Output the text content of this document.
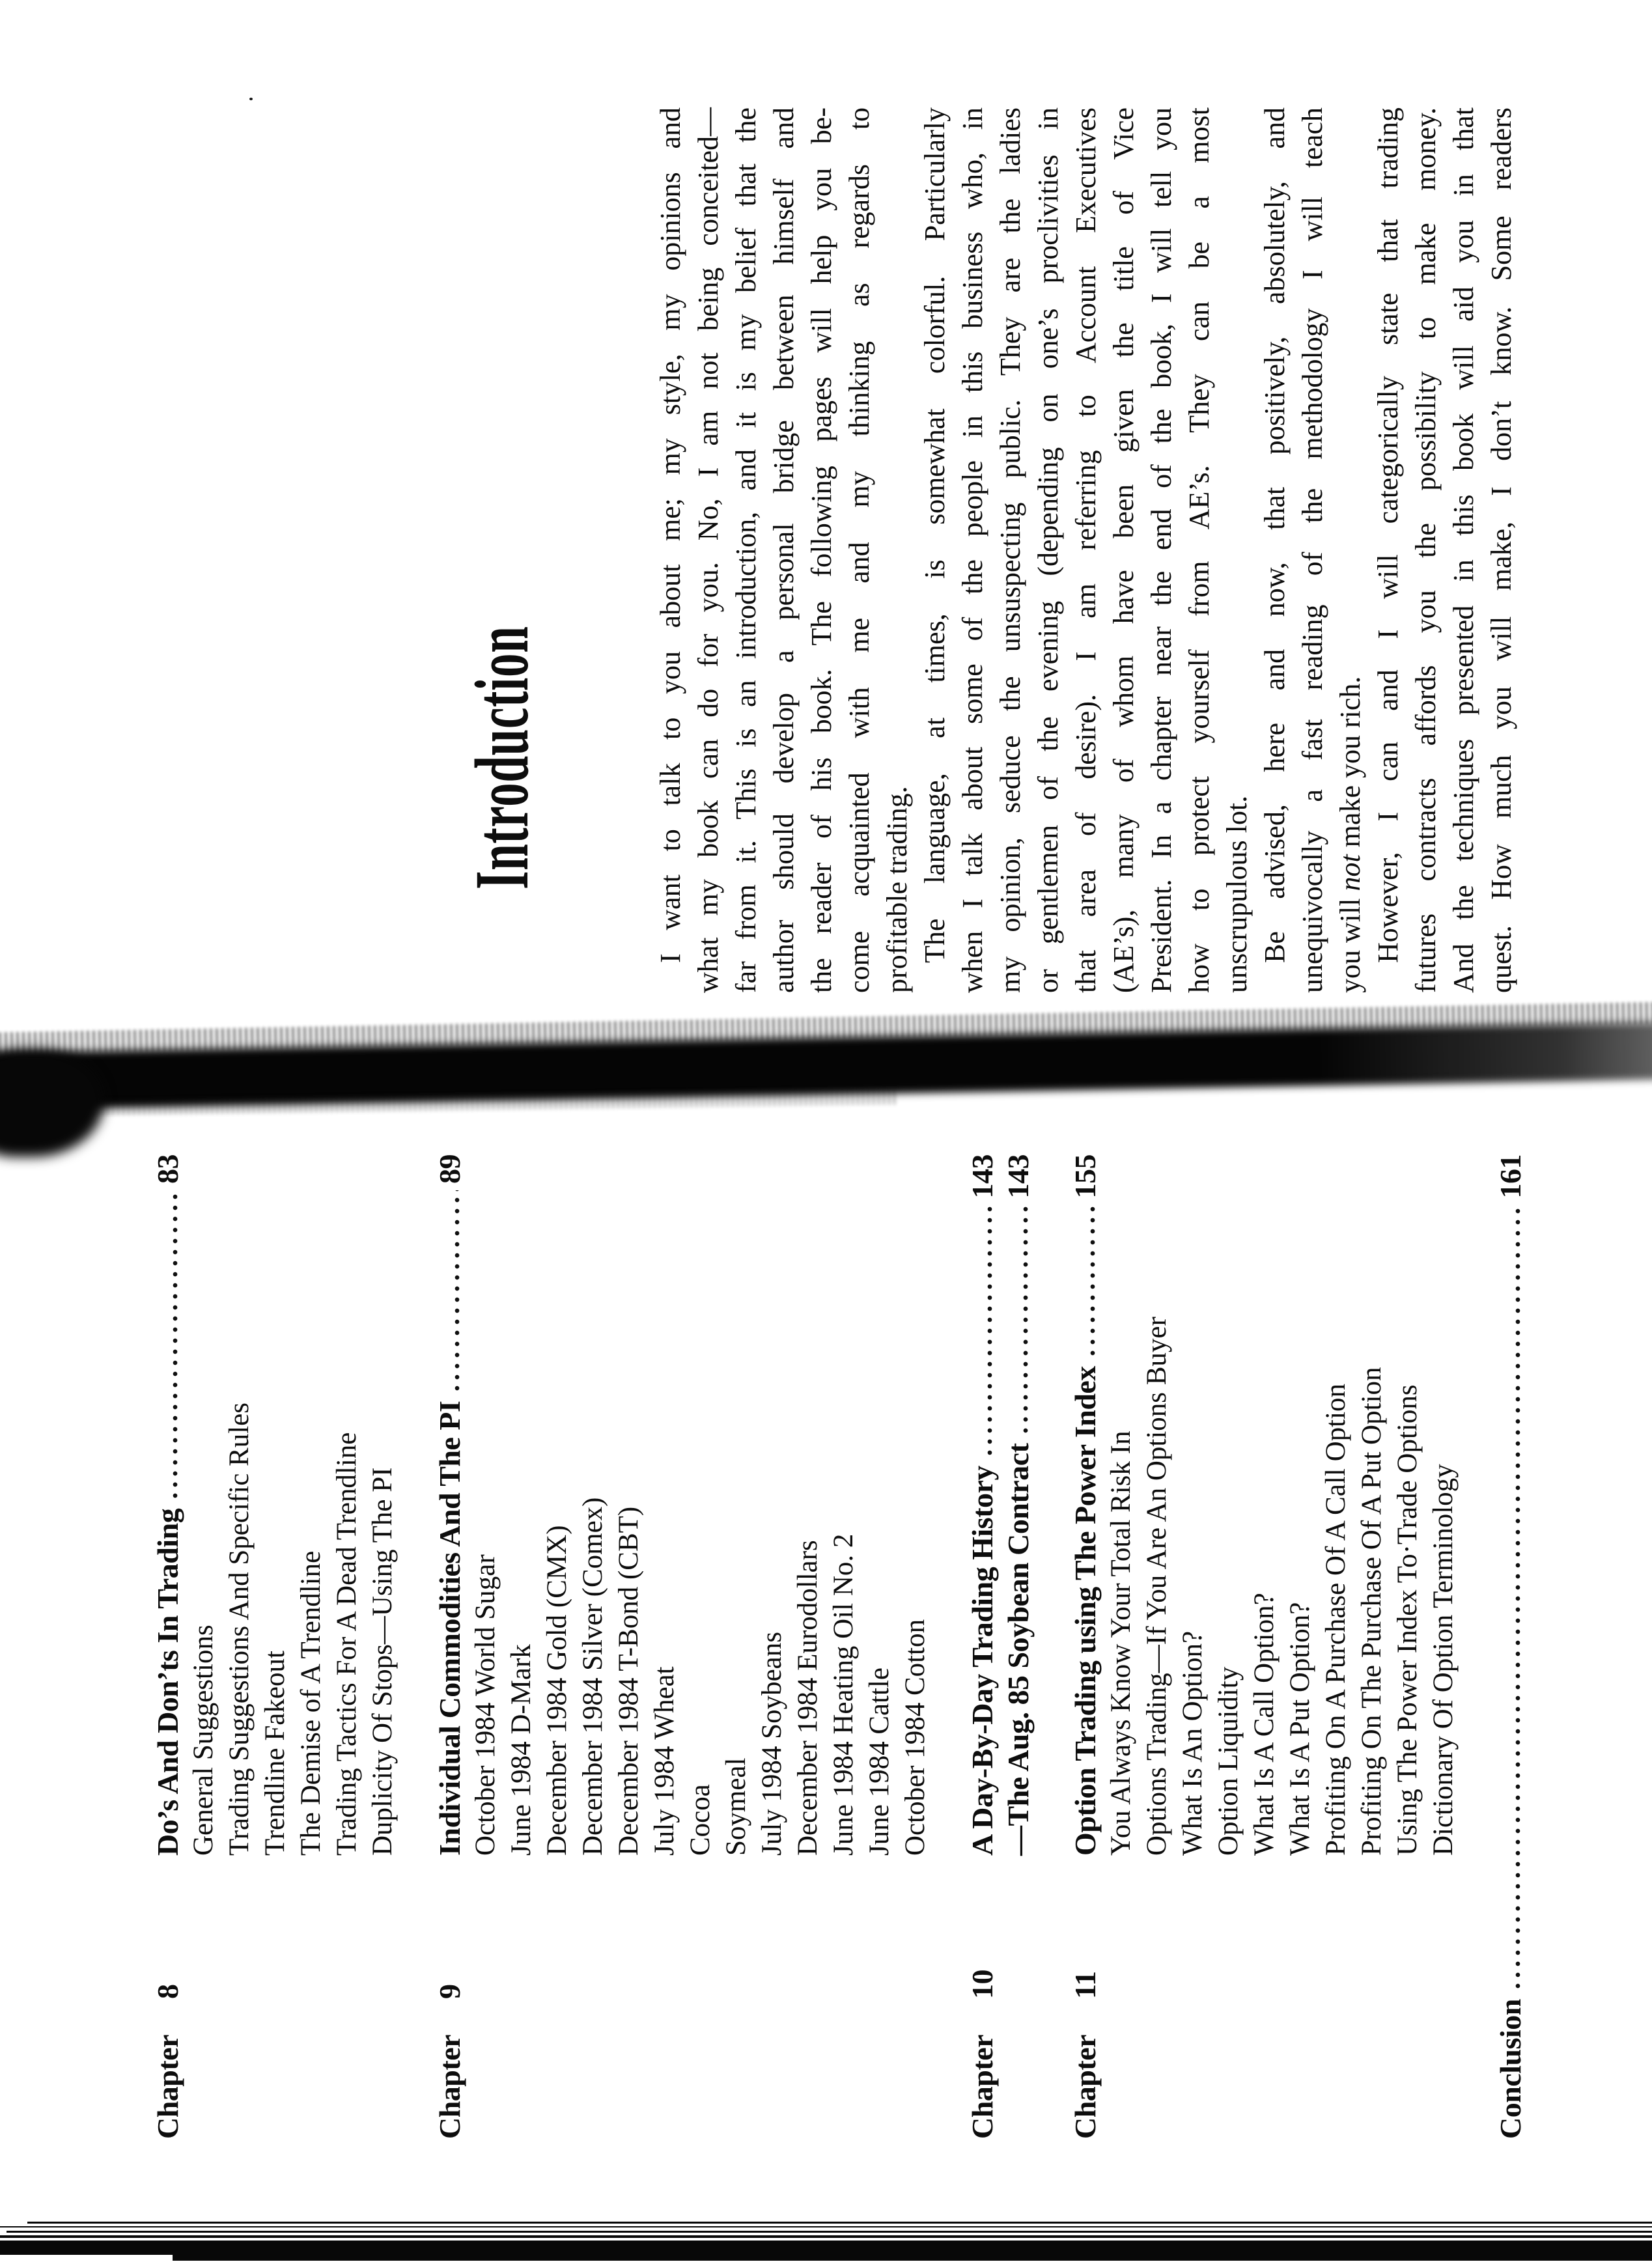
Chapter
8
Do’s And Don’ts In Trading
83
General Suggestions Trading Suggestions And Specific Rules Trendline Fakeout The Demise of A Trendline Trading Tactics For A Dead Trendline Duplicity Of Stops—Using The PI
Chapter
9
Individual Commodities And The PI
89
October 1984 World Sugar June 1984 D-Mark December 1984 Gold (CMX) December 1984 Silver (Comex) December 1984 T-Bond (CBT) July 1984 Wheat Cocoa Soymeal July 1984 Soybeans December 1984 Eurodollars June 1984 Heating Oil No. 2 June 1984 Cattle October 1984 Cotton
Chapter
10
A Day-By-Day Trading History
143
—The Aug. 85 Soybean Contract
143
Chapter
11
Option Trading using The Power Index
155
You Always Know Your Total Risk In Options Trading—If You Are An Options Buyer What Is An Option? Option Liquidity What Is A Call Option? What Is A Put Option? Profiting On A Purchase Of A Call Option Profiting On The Purchase Of A Put Option Using The Power Index To·Trade Options Dictionary Of Option Terminology
Conclusion
161
Introduction	I want to talk to you about me; my style, my opinions and what my book can do for you. No, I am not being conceited— far from it. This is an introduction, and it is my belief that the author should develop a personal bridge between himself and the reader of his book. The following pages will help you be- come acquainted with me and my thinking as regards to profitable trading. The language, at times, is somewhat colorful. Particularly when I talk about some of the people in this business who, in my opinion, seduce the unsuspecting public. They are the ladies or gentlemen of the evening (depending on one’s proclivities in that area of desire). I am referring to Account Executives (AE’s), many of whom have been given the title of Vice President. In a chapter near the end of the book, I will tell you how to protect yourself from AE’s. They can be a most unscrupulous lot. Be advised, here and now, that positively, absolutely, and unequivocally a fast reading of the methodology I will teach you will not make you rich. However, I can and I will categorically state that trading futures contracts affords you the possibility to make money. And the techniques presented in this book will aid you in that quest. How much you will make, I don’t know. Some readers
